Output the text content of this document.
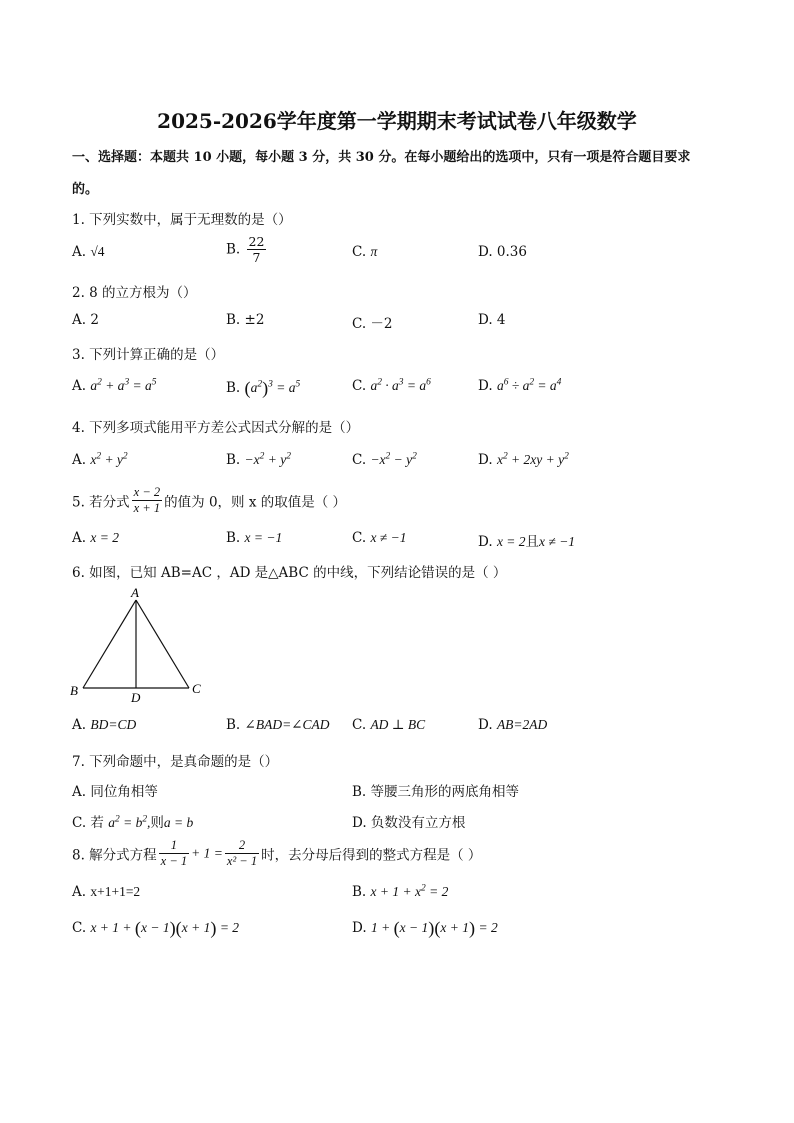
2025-2026学年度第一学期期末考试试卷八年级数学
一、选择题：本题共 10 小题，每小题 3 分，共 30 分。在每小题给出的选项中，只有一项是符合题目要求
的。
1. 下列实数中，属于无理数的是（）
A. √4	B. $\frac{22}{7}$	C. π	D. 0.36
2. 8 的立方根为（）
A. 2	B. ±2	C. －2	D. 4
3. 下列计算正确的是（）
A. $a^2 + a^3 = a^5$	B. $(a^2)^3 = a^5$	C. $a^2 \cdot a^3 = a^6$	D. $a^6 \div a^2 = a^4$
4. 下列多项式能用平方差公式因式分解的是（）
A. $x^2 + y^2$	B. $-x^2 + y^2$	C. $-x^2 - y^2$	D. $x^2 + 2xy + y^2$
5. 若分式 $\frac{x - 2}{x + 1}$ 的值为 0，则 x 的取值是（ ）
A. x = 2	B. x = −1	C. x ≠ −1	D. x = 2且x ≠ −1
6. 如图，已知 AB=AC ，AD 是△ABC 的中线，下列结论错误的是（ ）
A
B	C
D
A. BD=CD	B. ∠BAD=∠CAD C. AD ⊥ BC	D. AB=2AD
7. 下列命题中，是真命题的是（）
A. 同位角相等	B. 等腰三角形的两底角相等
C. 若 $a^2 = b^2$,则a = b	D. 负数没有立方根
8. 解分式方程 $\frac{1}{x - 1} + 1 = \frac{2}{\text{x² − 1}}$ 时，去分母后得到的整式方程是（ ）
A. x+1+1=2	B. $x + 1 + x^2 = 2$
C. x + 1 + (x − 1)(x + 1) = 2	D. 1 + (x − 1)(x + 1) = 2
